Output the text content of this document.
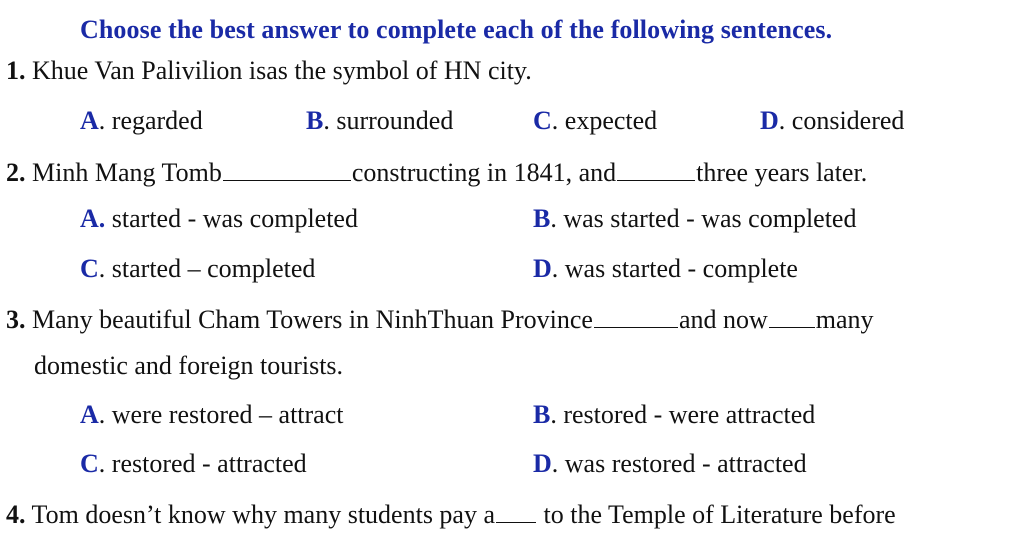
Choose the best answer to complete each of the following sentences.
1. Khue Van Palivilion isas the symbol of HN city.
A. regarded	B. surrounded	C. expected	D. considered
2. Minh Mang Tomb	constructing in 1841, and	three years later.
A. started - was completed	B. was started - was completed
C. started – completed	D. was started - complete
3. Many beautiful Cham Towers in NinhThuan Province	and now many
domestic and foreign tourists.
A. were restored – attract	B. restored - were attracted
C. restored - attracted	D. was restored - attracted
4. Tom doesn’t know why many students pay a to the Temple of Literature before
